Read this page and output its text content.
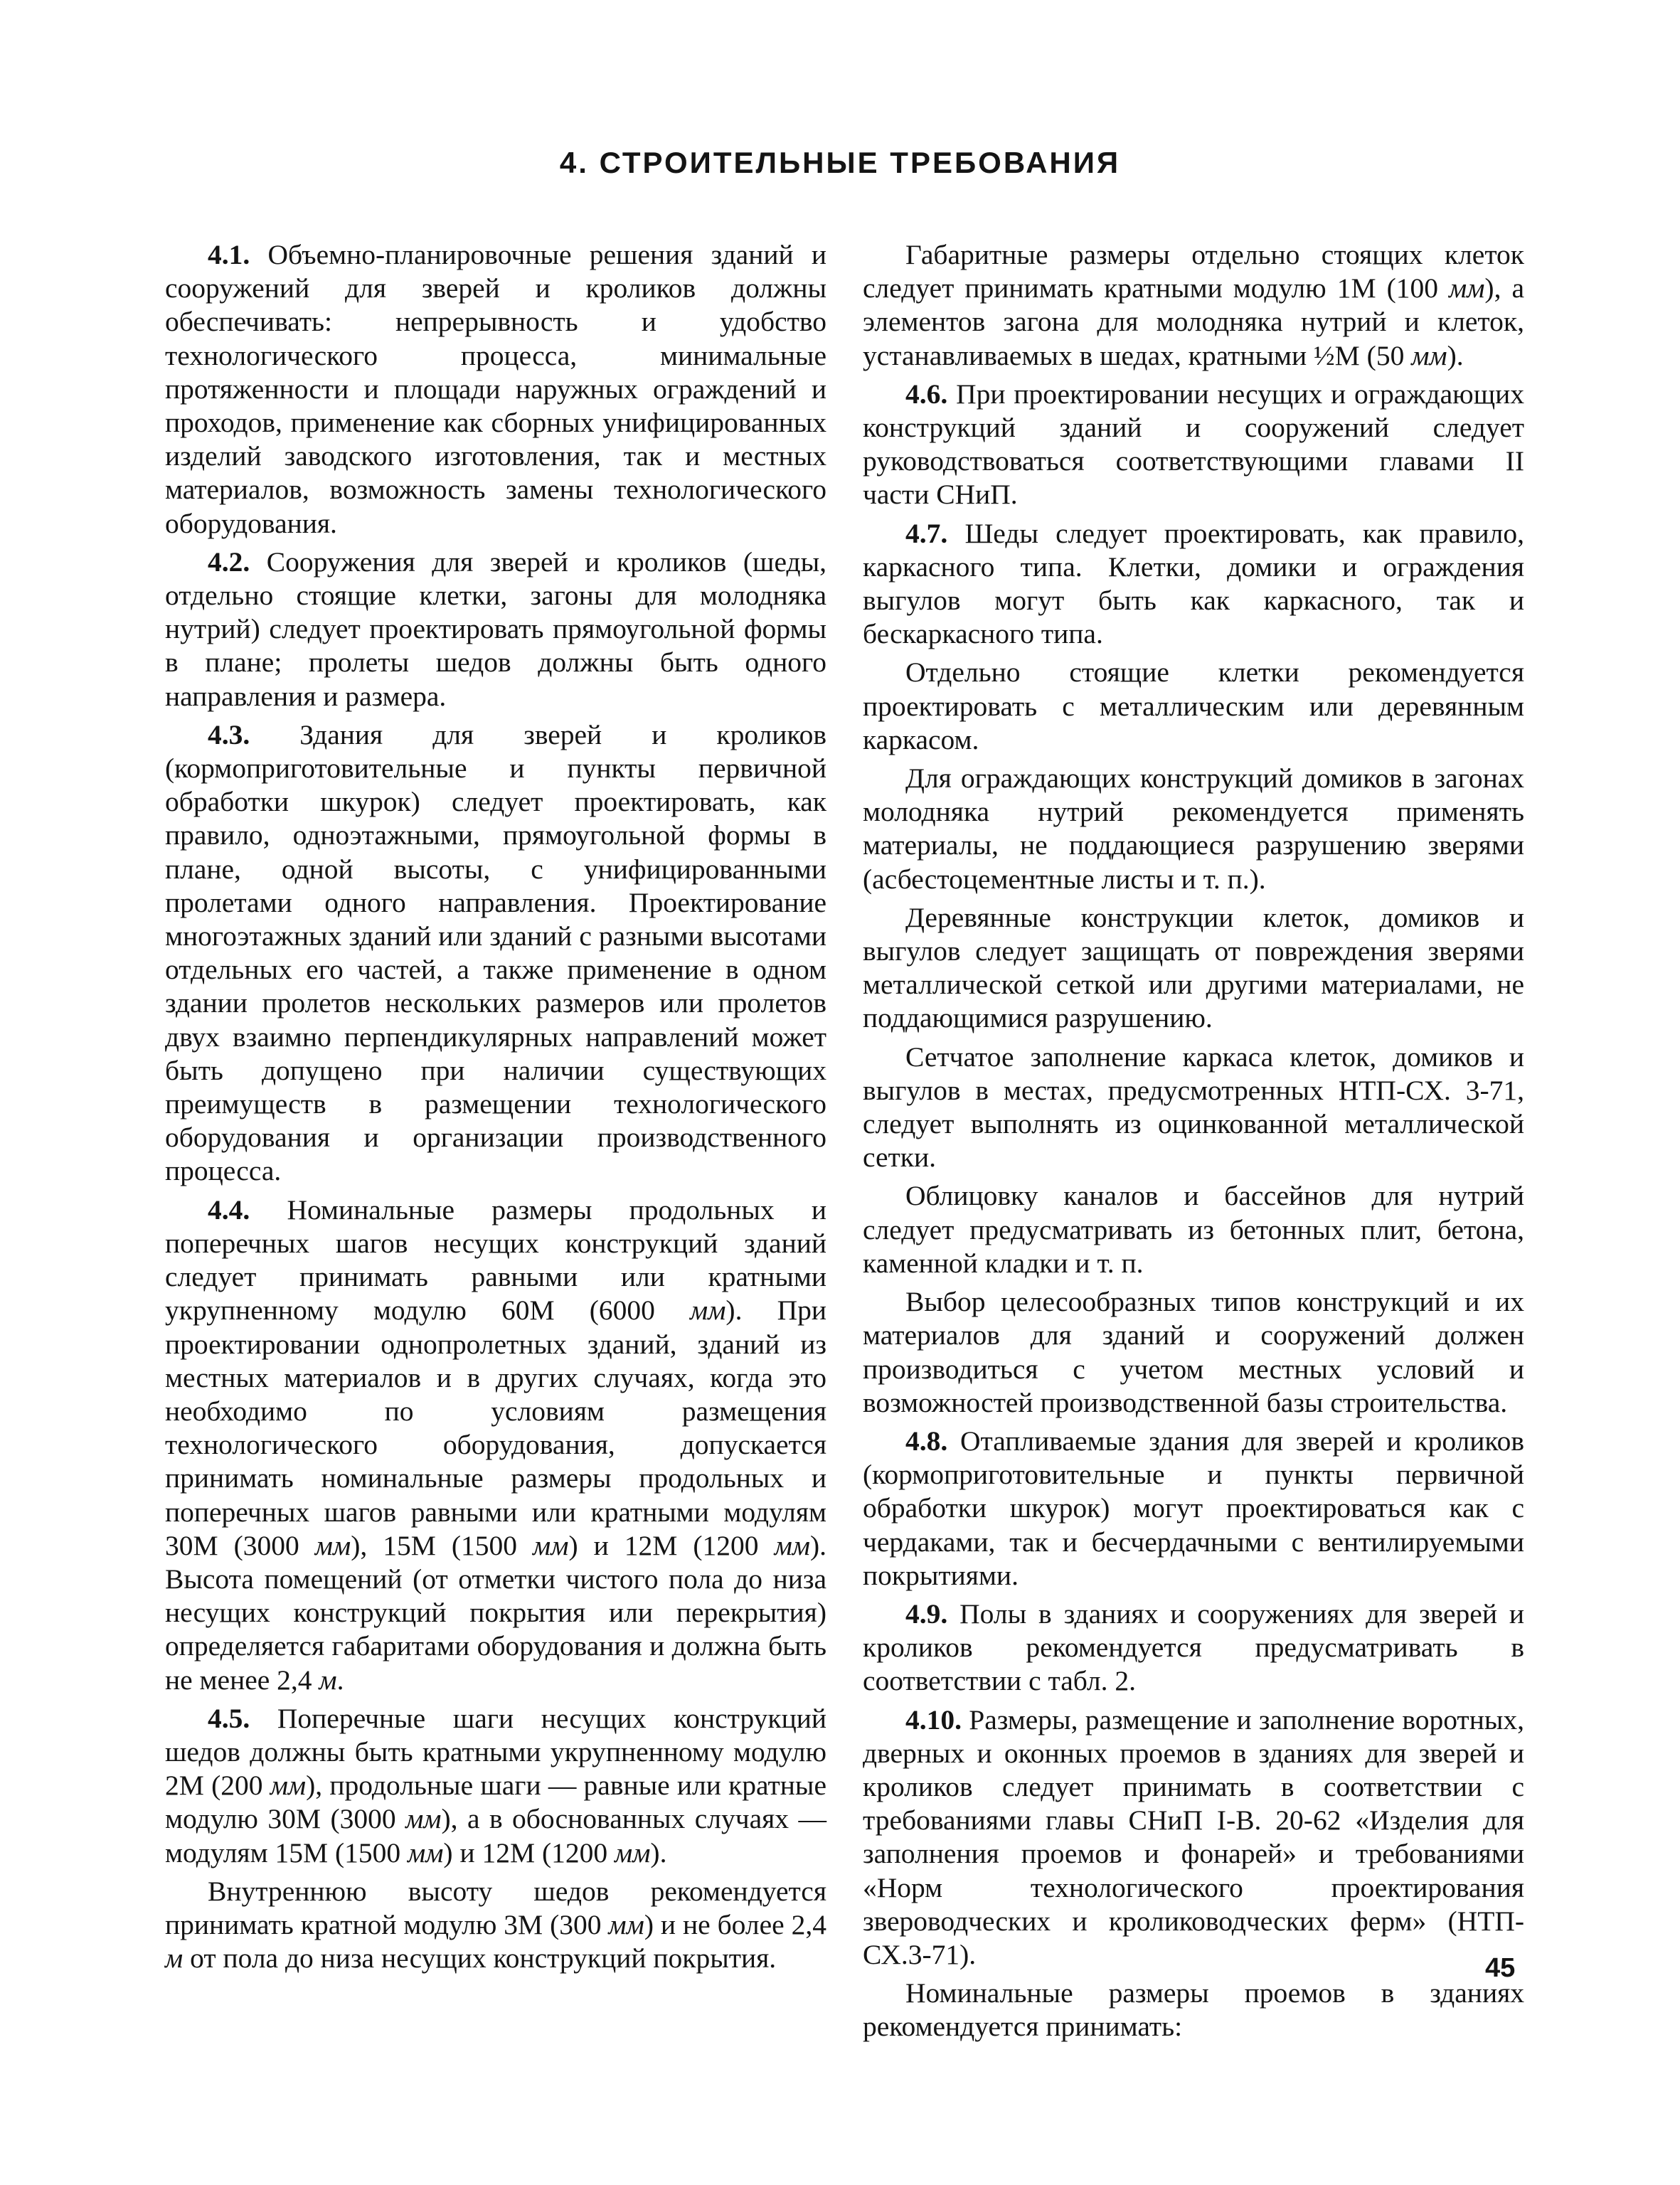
4. СТРОИТЕЛЬНЫЕ ТРЕБОВАНИЯ

4.1. Объемно-планировочные решения зданий и сооружений для зверей и кроликов должны обеспечивать: непрерывность и удобство технологического процесса, минимальные протяженности и площади наружных ограждений и проходов, применение как сборных унифицированных изделий заводского изготовления, так и местных материалов, возможность замены технологического оборудования.

4.2. Сооружения для зверей и кроликов (шеды, отдельно стоящие клетки, загоны для молодняка нутрий) следует проектировать прямоугольной формы в плане; пролеты шедов должны быть одного направления и размера.

4.3. Здания для зверей и кроликов (кормоприготовительные и пункты первичной обработки шкурок) следует проектировать, как правило, одноэтажными, прямоугольной формы в плане, одной высоты, с унифицированными пролетами одного направления. Проектирование многоэтажных зданий или зданий с разными высотами отдельных его частей, а также применение в одном здании пролетов нескольких размеров или пролетов двух взаимно перпендикулярных направлений может быть допущено при наличии существующих преимуществ в размещении технологического оборудования и организации производственного процесса.

4.4. Номинальные размеры продольных и поперечных шагов несущих конструкций зданий следует принимать равными или кратными укрупненному модулю 60М (6000 мм). При проектировании однопролетных зданий, зданий из местных материалов и в других случаях, когда это необходимо по условиям размещения технологического оборудования, допускается принимать номинальные размеры продольных и поперечных шагов равными или кратными модулям 30М (3000 мм), 15М (1500 мм) и 12М (1200 мм). Высота помещений (от отметки чистого пола до низа несущих конструкций покрытия или перекрытия) определяется габаритами оборудования и должна быть не менее 2,4 м.

4.5. Поперечные шаги несущих конструкций шедов должны быть кратными укрупненному модулю 2М (200 мм), продольные шаги — равные или кратные модулю 30М (3000 мм), а в обоснованных случаях — модулям 15М (1500 мм) и 12М (1200 мм).

Внутреннюю высоту шедов рекомендуется принимать кратной модулю 3М (300 мм) и не более 2,4 м от пола до низа несущих конструкций покрытия.

Габаритные размеры отдельно стоящих клеток следует принимать кратными модулю 1М (100 мм), а элементов загона для молодняка нутрий и клеток, устанавливаемых в шедах, кратными ½М (50 мм).

4.6. При проектировании несущих и ограждающих конструкций зданий и сооружений следует руководствоваться соответствующими главами II части СНиП.

4.7. Шеды следует проектировать, как правило, каркасного типа. Клетки, домики и ограждения выгулов могут быть как каркасного, так и бескаркасного типа.

Отдельно стоящие клетки рекомендуется проектировать с металлическим или деревянным каркасом.

Для ограждающих конструкций домиков в загонах молодняка нутрий рекомендуется применять материалы, не поддающиеся разрушению зверями (асбестоцементные листы и т. п.).

Деревянные конструкции клеток, домиков и выгулов следует защищать от повреждения зверями металлической сеткой или другими материалами, не поддающимися разрушению.

Сетчатое заполнение каркаса клеток, домиков и выгулов в местах, предусмотренных НТП-СХ. 3-71, следует выполнять из оцинкованной металлической сетки.

Облицовку каналов и бассейнов для нутрий следует предусматривать из бетонных плит, бетона, каменной кладки и т. п.

Выбор целесообразных типов конструкций и их материалов для зданий и сооружений должен производиться с учетом местных условий и возможностей производственной базы строительства.

4.8. Отапливаемые здания для зверей и кроликов (кормоприготовительные и пункты первичной обработки шкурок) могут проектироваться как с чердаками, так и бесчердачными с вентилируемыми покрытиями.

4.9. Полы в зданиях и сооружениях для зверей и кроликов рекомендуется предусматривать в соответствии с табл. 2.

4.10. Размеры, размещение и заполнение воротных, дверных и оконных проемов в зданиях для зверей и кроликов следует принимать в соответствии с требованиями главы СНиП I-В. 20-62 «Изделия для заполнения проемов и фонарей» и требованиями «Норм технологического проектирования звероводческих и кролиководческих ферм» (НТП-СХ.3-71).

Номинальные размеры проемов в зданиях рекомендуется принимать:

45
